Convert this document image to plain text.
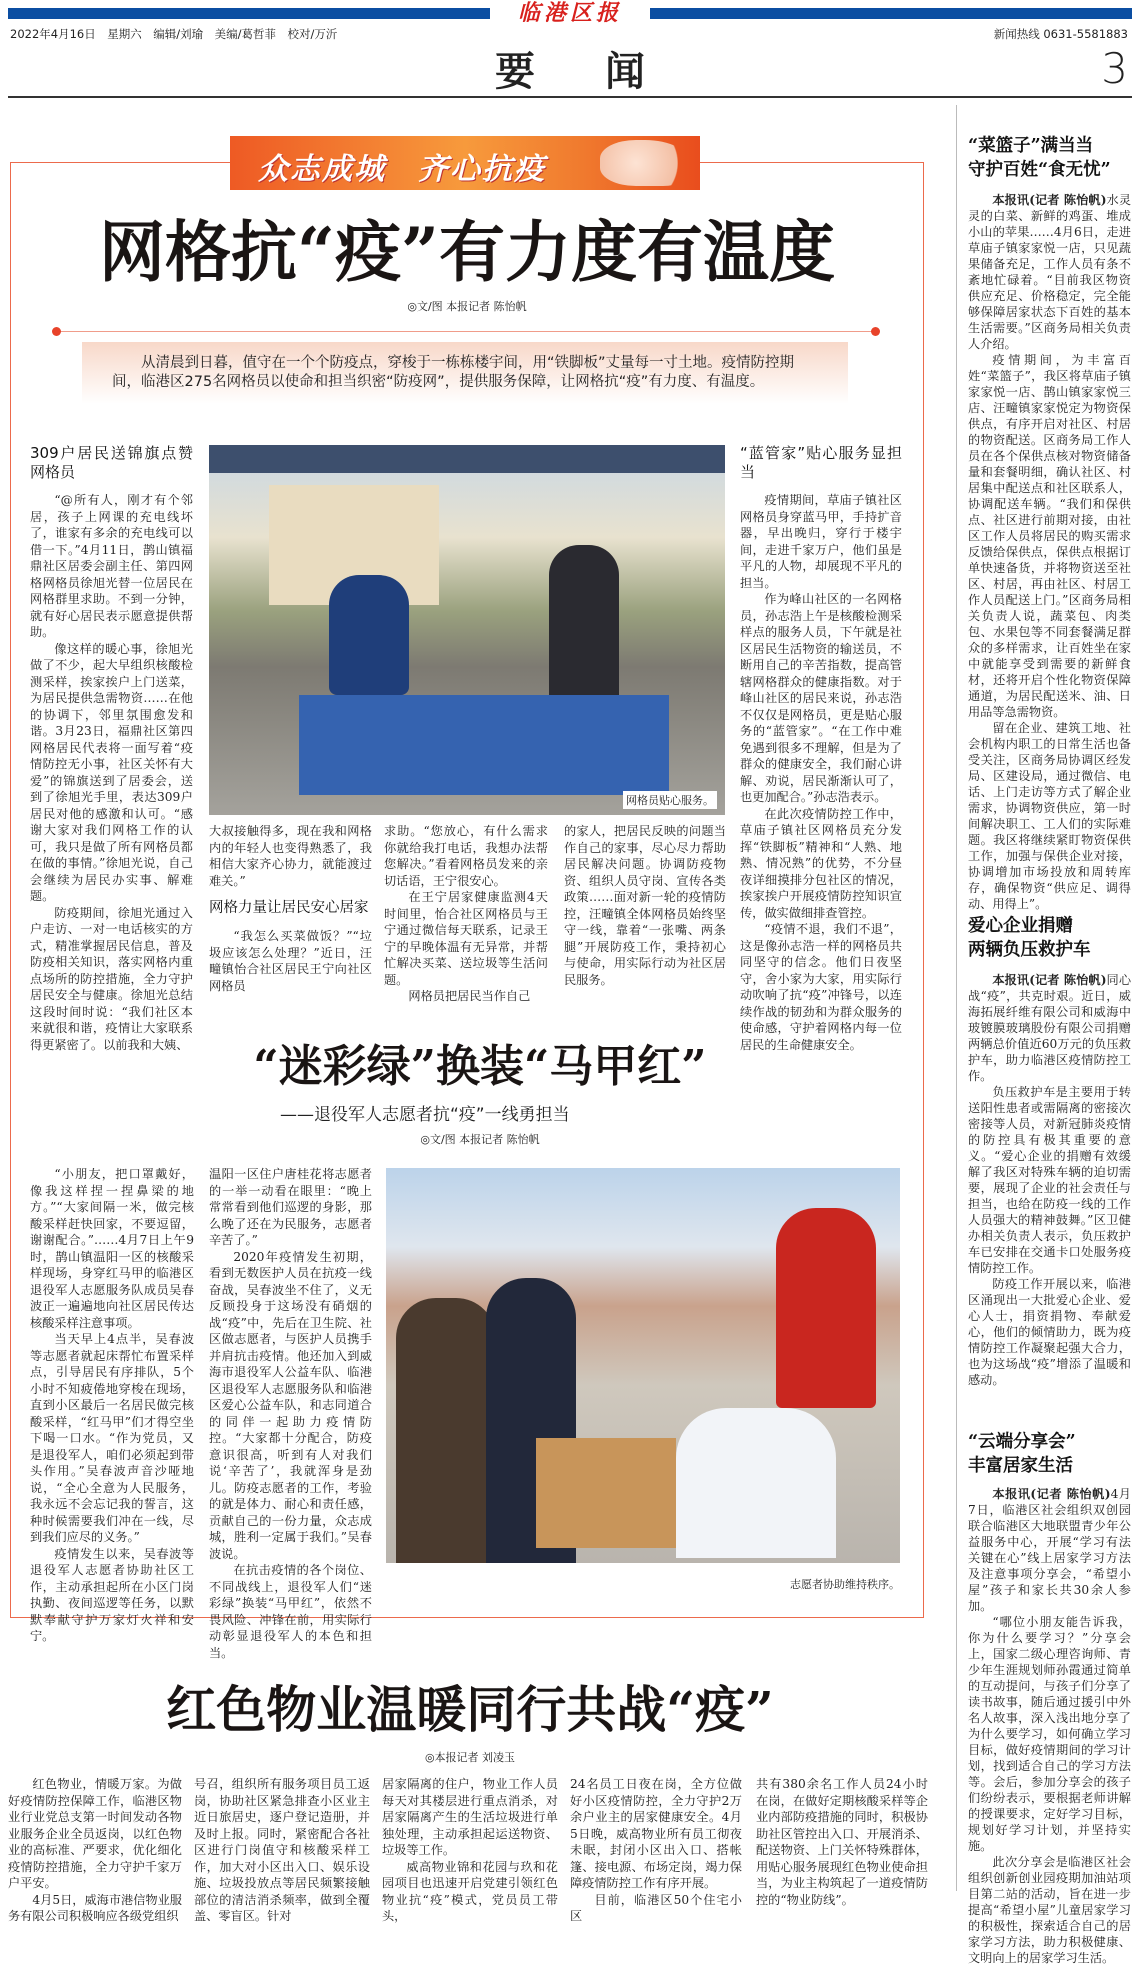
临港区报
2022年4月16日　星期六　编辑/刘瑜　美编/葛哲菲　校对/万沂	新闻热线 0631-5581883
要闻	3
众志成城　齐心抗疫
网格抗“疫”有力度有温度
◎文/图 本报记者 陈怡帆
从清晨到日暮，值守在一个个防疫点，穿梭于一栋栋楼宇间，用“铁脚板”丈量每一寸土地。疫情防控期间，临港区275名网格员以使命和担当织密“防疫网”，提供服务保障，让网格抗“疫”有力度、有温度。
309户居民送锦旗点赞网格员

“@所有人，刚才有个邻居，孩子上网课的充电线坏了，谁家有多余的充电线可以借一下。”4月11日，鹊山镇福鼎社区居委会副主任、第四网格网格员徐旭光替一位居民在网格群里求助。不到一分钟，就有好心居民表示愿意提供帮助。

像这样的暖心事，徐旭光做了不少，起大早组织核酸检测采样，挨家挨户上门送菜，为居民提供急需物资……在他的协调下，邻里氛围愈发和谐。3月23日，福鼎社区第四网格居民代表将一面写着“疫情防控无小事，社区关怀有大爱”的锦旗送到了居委会，送到了徐旭光手里，表达309户居民对他的感激和认可。“感谢大家对我们网格工作的认可，我只是做了所有网格员都在做的事情。”徐旭光说，自己会继续为居民办实事、解难题。

防疫期间，徐旭光通过入户走访、一对一电话核实的方式，精准掌握居民信息，普及防疫相关知识，落实网格内重点场所的防控措施，全力守护居民安全与健康。徐旭光总结这段时间时说：“我们社区本来就很和谐，疫情让大家联系得更紧密了。以前我和大姨、

网格员贴心服务。

大叔接触得多，现在我和网格内的年轻人也变得熟悉了，我相信大家齐心协力，就能渡过难关。”

网格力量让居民安心居家

“我怎么买菜做饭？”“垃圾应该怎么处理？”近日，汪疃镇怡合社区居民王宁向社区网格员

求助。“您放心，有什么需求你就给我打电话，我想办法帮您解决。”看着网格员发来的亲切话语，王宁很安心。

在王宁居家健康监测4天时间里，怡合社区网格员与王宁通过微信每天联系，记录王宁的早晚体温有无异常，并帮忙解决买菜、送垃圾等生活问题。

网格员把居民当作自己

的家人，把居民反映的问题当作自己的家事，尽心尽力帮助居民解决问题。协调防疫物资、组织人员守岗、宣传各类政策……面对新一轮的疫情防控，汪疃镇全体网格员始终坚守一线，靠着“一张嘴、两条腿”开展防疫工作，秉持初心与使命，用实际行动为社区居民服务。

“蓝管家”贴心服务显担当

疫情期间，草庙子镇社区网格员身穿蓝马甲，手持扩音器，早出晚归，穿行于楼宇间，走进千家万户，他们虽是平凡的人物，却展现不平凡的担当。

作为峰山社区的一名网格员，孙志浩上午是核酸检测采样点的服务人员，下午就是社区居民生活物资的输送员，不断用自己的辛苦指数，提高管辖网格群众的健康指数。对于峰山社区的居民来说，孙志浩不仅仅是网格员，更是贴心服务的“蓝管家”。“在工作中难免遇到很多不理解，但是为了群众的健康安全，我们耐心讲解、劝说，居民渐渐认可了，也更加配合。”孙志浩表示。

在此次疫情防控工作中，草庙子镇社区网格员充分发挥“铁脚板”精神和“人熟、地熟、情况熟”的优势，不分昼夜详细摸排分包社区的情况，挨家挨户开展疫情防控知识宣传，做实做细排查管控。

“疫情不退，我们不退”，这是像孙志浩一样的网格员共同坚守的信念。他们日夜坚守，舍小家为大家，用实际行动吹响了抗“疫”冲锋号，以连续作战的韧劲和为群众服务的使命感，守护着网格内每一位居民的生命健康安全。

“迷彩绿”换装“马甲红”
——退役军人志愿者抗“疫”一线勇担当
◎文/图 本报记者 陈怡帆

“小朋友，把口罩戴好，像我这样捏一捏鼻梁的地方。”“大家间隔一米，做完核酸采样赶快回家，不要逗留，谢谢配合。”……4月7日上午9时，鹊山镇温阳一区的核酸采样现场，身穿红马甲的临港区退役军人志愿服务队成员吴春波正一遍遍地向社区居民传达核酸采样注意事项。

当天早上4点半，吴春波等志愿者就起床帮忙布置采样点，引导居民有序排队，5个小时不知疲倦地穿梭在现场，直到小区最后一名居民做完核酸采样，“红马甲”们才得空坐下喝一口水。“作为党员，又是退役军人，咱们必须起到带头作用。”吴春波声音沙哑地说，“全心全意为人民服务，我永远不会忘记我的誓言，这种时候需要我们冲在一线，尽到我们应尽的义务。”

疫情发生以来，吴春波等退役军人志愿者协助社区工作，主动承担起所在小区门岗执勤、夜间巡逻等任务，以默默奉献守护万家灯火祥和安宁。

温阳一区住户唐桂花将志愿者的一举一动看在眼里：“晚上常常看到他们巡逻的身影，那么晚了还在为民服务，志愿者辛苦了。”

2020年疫情发生初期，看到无数医护人员在抗疫一线奋战，吴春波坐不住了，义无反顾投身于这场没有硝烟的战“疫”中，先后在卫生院、社区做志愿者，与医护人员携手并肩抗击疫情。他还加入到威海市退役军人公益车队、临港区退役军人志愿服务队和临港区爱心公益车队，和志同道合的同伴一起助力疫情防控。“大家都十分配合，防疫意识很高，听到有人对我们说‘辛苦了’，我就浑身是劲儿。防疫志愿者的工作，考验的就是体力、耐心和责任感，贡献自己的一份力量，众志成城，胜利一定属于我们。”吴春波说。

在抗击疫情的各个岗位、不同战线上，退役军人们“迷彩绿”换装“马甲红”，依然不畏风险、冲锋在前，用实际行动彰显退役军人的本色和担当。

志愿者协助维持秩序。
红色物业温暖同行共战“疫”
◎本报记者 刘凌玉

红色物业，情暖万家。为做好疫情防控保障工作，临港区物业行业党总支第一时间发动各物业服务企业全员返岗，以红色物业的高标准、严要求，优化细化疫情防控措施，全力守护千家万户平安。

4月5日，威海市港信物业服务有限公司积极响应各级党组织

号召，组织所有服务项目员工返岗，协助社区紧急排查小区业主近日旅居史，逐户登记造册，并及时上报。同时，紧密配合各社区进行门岗值守和核酸采样工作，加大对小区出入口、娱乐设施、垃圾投放点等居民频繁接触部位的清洁消杀频率，做到全覆盖、零盲区。针对

居家隔离的住户，物业工作人员每天对其楼层进行重点消杀，对居家隔离产生的生活垃圾进行单独处理，主动承担起运送物资、垃圾等工作。

威高物业锦和花园与玖和花园项目也迅速开启党建引领红色物业抗“疫”模式，党员员工带头，

24名员工日夜在岗，全方位做好小区疫情防控，全力守护2万余户业主的居家健康安全。4月5日晚，威高物业所有员工彻夜未眠，封闭小区出入口、搭帐篷、接电源、布场定岗，竭力保障疫情防控工作有序开展。

目前，临港区50个住宅小区

共有380余名工作人员24小时在岗，在做好定期核酸采样等企业内部防疫措施的同时，积极协助社区管控出入口、开展消杀、配送物资、上门关怀特殊群体，用贴心服务展现红色物业使命担当，为业主构筑起了一道疫情防控的“物业防线”。

“菜篮子”满当当
守护百姓“食无忧”

本报讯(记者 陈怡帆)水灵灵的白菜、新鲜的鸡蛋、堆成小山的苹果……4月6日，走进草庙子镇家家悦一店，只见蔬果储备充足，工作人员有条不紊地忙碌着。“目前我区物资供应充足、价格稳定，完全能够保障居家状态下百姓的基本生活需要。”区商务局相关负责人介绍。

疫情期间，为丰富百姓“菜篮子”，我区将草庙子镇家家悦一店、鹊山镇家家悦三店、汪疃镇家家悦定为物资保供点，有序开启对社区、村居的物资配送。区商务局工作人员在各个保供点核对物资储备量和套餐明细，确认社区、村居集中配送点和社区联系人，协调配送车辆。“我们和保供点、社区进行前期对接，由社区工作人员将居民的购买需求反馈给保供点，保供点根据订单快速备货，并将物资送至社区、村居，再由社区、村居工作人员配送上门。”区商务局相关负责人说，蔬菜包、肉类包、水果包等不同套餐满足群众的多样需求，让百姓坐在家中就能享受到需要的新鲜食材，还将开启个性化物资保障通道，为居民配送米、油、日用品等急需物资。

留在企业、建筑工地、社会机构内职工的日常生活也备受关注，区商务局协调区经发局、区建设局，通过微信、电话、上门走访等方式了解企业需求，协调物资供应，第一时间解决职工、工人们的实际难题。我区将继续紧盯物资保供工作，加强与保供企业对接，协调增加市场投放和周转库存，确保物资“供应足、调得动、用得上”。

爱心企业捐赠
两辆负压救护车

本报讯(记者 陈怡帆)同心战“疫”，共克时艰。近日，威海拓展纤维有限公司和威海中玻镀膜玻璃股份有限公司捐赠两辆总价值近60万元的负压救护车，助力临港区疫情防控工作。

负压救护车是主要用于转送阳性患者或需隔离的密接次密接等人员，对新冠肺炎疫情的防控具有极其重要的意义。“爱心企业的捐赠有效缓解了我区对特殊车辆的迫切需要，展现了企业的社会责任与担当，也给在防疫一线的工作人员强大的精神鼓舞。”区卫健办相关负责人表示，负压救护车已安排在交通卡口处服务疫情防控工作。

防疫工作开展以来，临港区涌现出一大批爱心企业、爱心人士，捐资捐物、奉献爱心，他们的倾情助力，既为疫情防控工作凝聚起强大合力，也为这场战“疫”增添了温暖和感动。

“云端分享会”
丰富居家生活

本报讯(记者 陈怡帆)4月7日，临港区社会组织双创园联合临港区大地联盟青少年公益服务中心，开展“学习有法 关键在心”线上居家学习方法及注意事项分享会，“希望小屋”孩子和家长共30余人参加。

“哪位小朋友能告诉我，你为什么要学习？”分享会上，国家二级心理咨询师、青少年生涯规划师孙霞通过简单的互动提问，与孩子们分享了读书故事，随后通过援引中外名人故事，深入浅出地分享了为什么要学习，如何确立学习目标，做好疫情期间的学习计划，找到适合自己的学习方法等。会后，参加分享会的孩子们纷纷表示，要根据老师讲解的授课要求，定好学习目标，规划好学习计划，并坚持实施。

此次分享会是临港区社会组织创新创业园疫期加油站项目第二站的活动，旨在进一步提高“希望小屋”儿童居家学习的积极性，探索适合自己的居家学习方法，助力积极健康、文明向上的居家学习生活。
